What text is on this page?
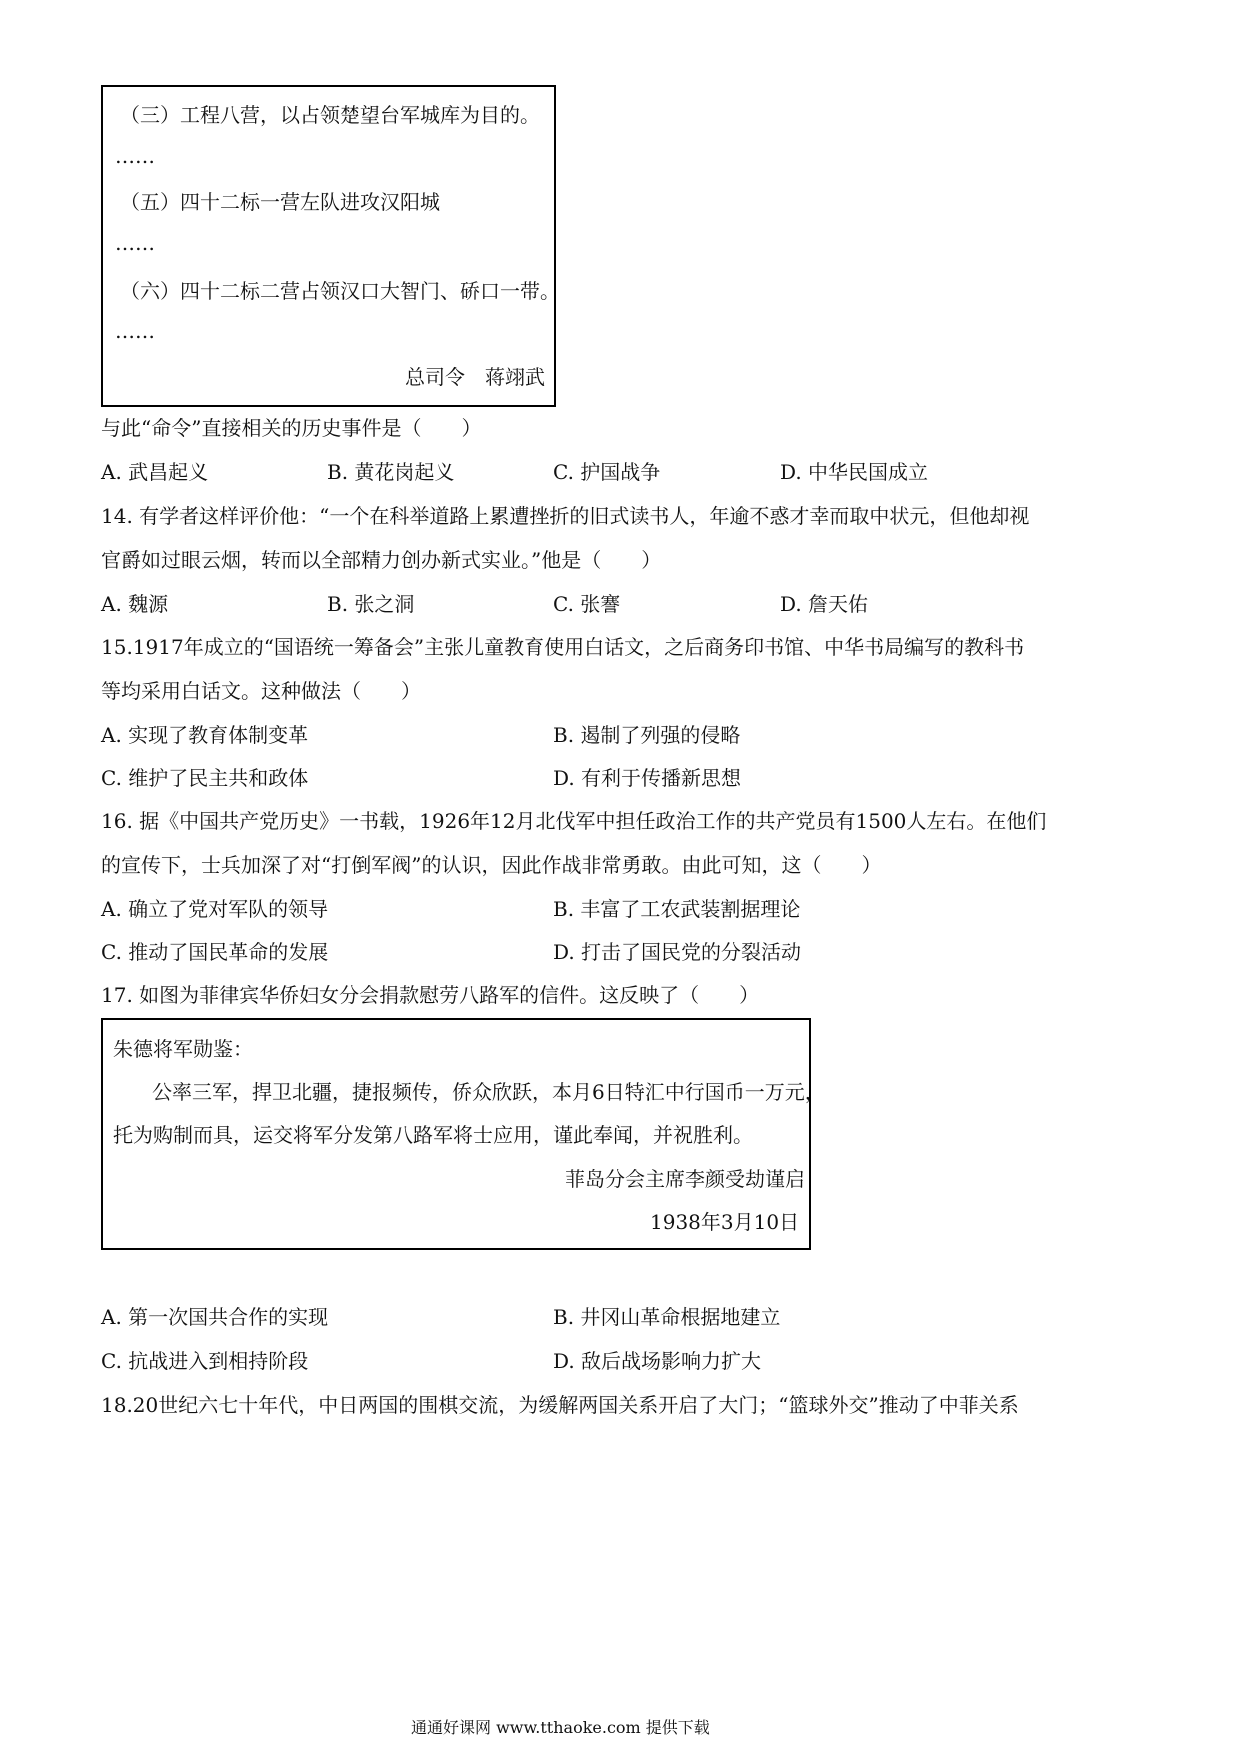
（三）工程八营，以占领楚望台军城库为目的。
……
（五）四十二标一营左队进攻汉阳城
……
（六）四十二标二营占领汉口大智门、硚口一带。
……
总司令　蒋翊武
与此“命令”直接相关的历史事件是（　　）
A. 武昌起义	B. 黄花岗起义	C. 护国战争	D. 中华民国成立
14. 有学者这样评价他：“一个在科举道路上累遭挫折的旧式读书人，年逾不惑才幸而取中状元，但他却视
官爵如过眼云烟，转而以全部精力创办新式实业。”他是（　　）
A. 魏源	B. 张之洞	C. 张謇	D. 詹天佑
15.1917年成立的“国语统一筹备会”主张儿童教育使用白话文，之后商务印书馆、中华书局编写的教科书
等均采用白话文。这种做法（　　）
A. 实现了教育体制变革	B. 遏制了列强的侵略
C. 维护了民主共和政体	D. 有利于传播新思想
16. 据《中国共产党历史》一书载，1926年12月北伐军中担任政治工作的共产党员有1500人左右。在他们
的宣传下，士兵加深了对“打倒军阀”的认识，因此作战非常勇敢。由此可知，这（　　）
A. 确立了党对军队的领导	B. 丰富了工农武装割据理论
C. 推动了国民革命的发展	D. 打击了国民党的分裂活动
17. 如图为菲律宾华侨妇女分会捐款慰劳八路军的信件。这反映了（　　）
朱德将军勋鉴：
公率三军，捍卫北疆，捷报频传，侨众欣跃，本月6日特汇中行国币一万元，
托为购制而具，运交将军分发第八路军将士应用，谨此奉闻，并祝胜利。
菲岛分会主席李颜受劫谨启
1938年3月10日
A. 第一次国共合作的实现	B. 井冈山革命根据地建立
C. 抗战进入到相持阶段	D. 敌后战场影响力扩大
18.20世纪六七十年代，中日两国的围棋交流，为缓解两国关系开启了大门；“篮球外交”推动了中菲关系
通通好课网 www.tthaoke.com 提供下载
